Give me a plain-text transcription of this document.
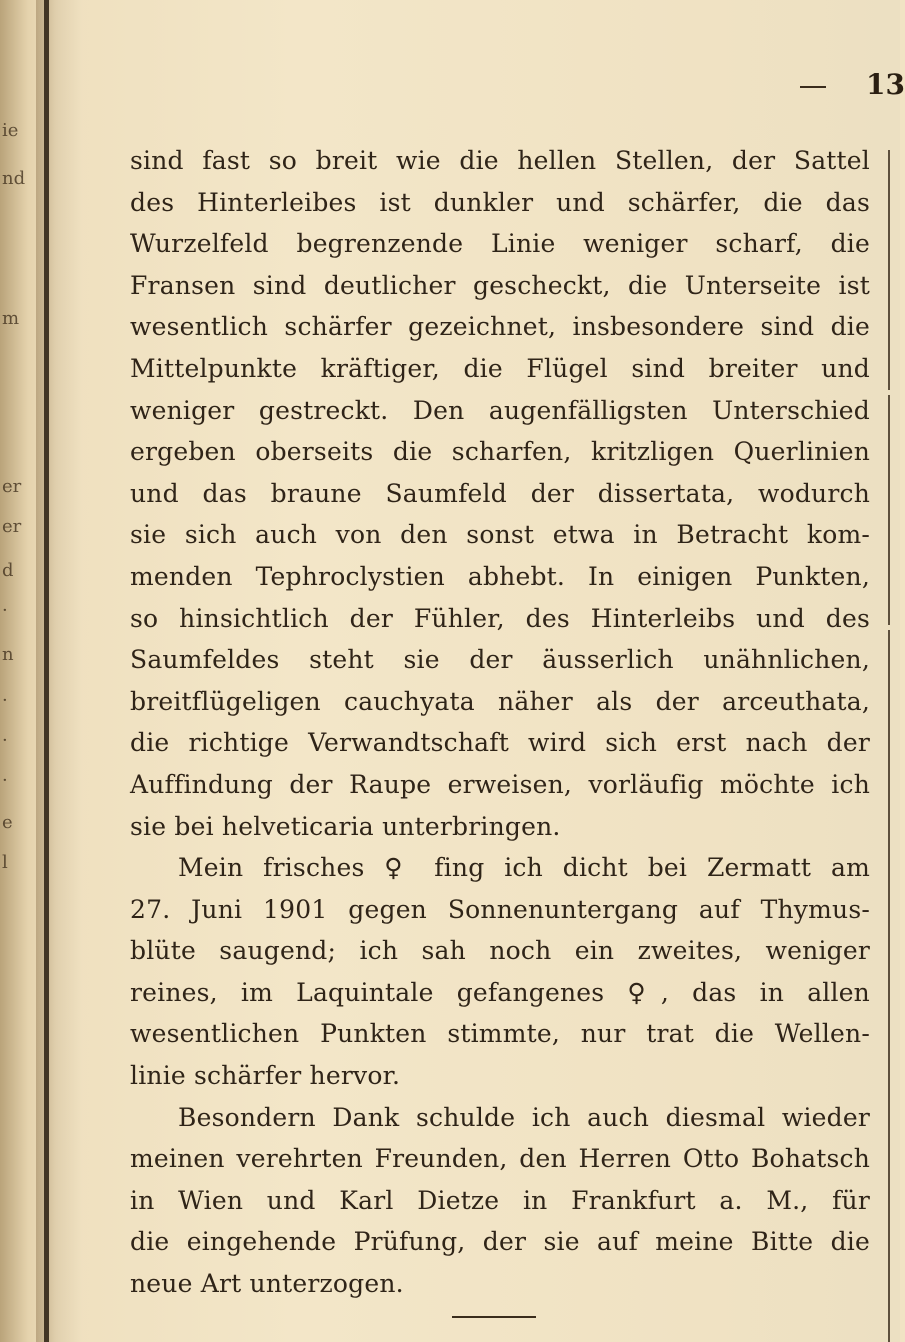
ie
nd
m
er
er
d
·
n
·
·
·
e
l
13
sind fast so breit wie die hellen Stellen, der Sattel
des Hinterleibes ist dunkler und schärfer, die das
Wurzelfeld begrenzende Linie weniger scharf, die
Fransen sind deutlicher gescheckt, die Unterseite ist
wesentlich schärfer gezeichnet, insbesondere sind die
Mittelpunkte kräftiger, die Flügel sind breiter und
weniger gestreckt. Den augenfälligsten Unterschied
ergeben oberseits die scharfen, kritzligen Querlinien
und das braune Saumfeld der dissertata, wodurch
sie sich auch von den sonst etwa in Betracht kom-
menden Tephroclystien abhebt. In einigen Punkten,
so hinsichtlich der Fühler, des Hinterleibs und des
Saumfeldes steht sie der äusserlich unähnlichen,
breitflügeligen cauchyata näher als der arceuthata,
die richtige Verwandtschaft wird sich erst nach der
Auffindung der Raupe erweisen, vorläufig möchte ich
sie bei helveticaria unterbringen.
Mein frisches ♀ fing ich dicht bei Zermatt am
27. Juni 1901 gegen Sonnenuntergang auf Thymus-
blüte saugend; ich sah noch ein zweites, weniger
reines, im Laquintale gefangenes ♀, das in allen
wesentlichen Punkten stimmte, nur trat die Wellen-
linie schärfer hervor.
Besondern Dank schulde ich auch diesmal wieder
meinen verehrten Freunden, den Herren Otto Bohatsch
in Wien und Karl Dietze in Frankfurt a. M., für
die eingehende Prüfung, der sie auf meine Bitte die
neue Art unterzogen.
